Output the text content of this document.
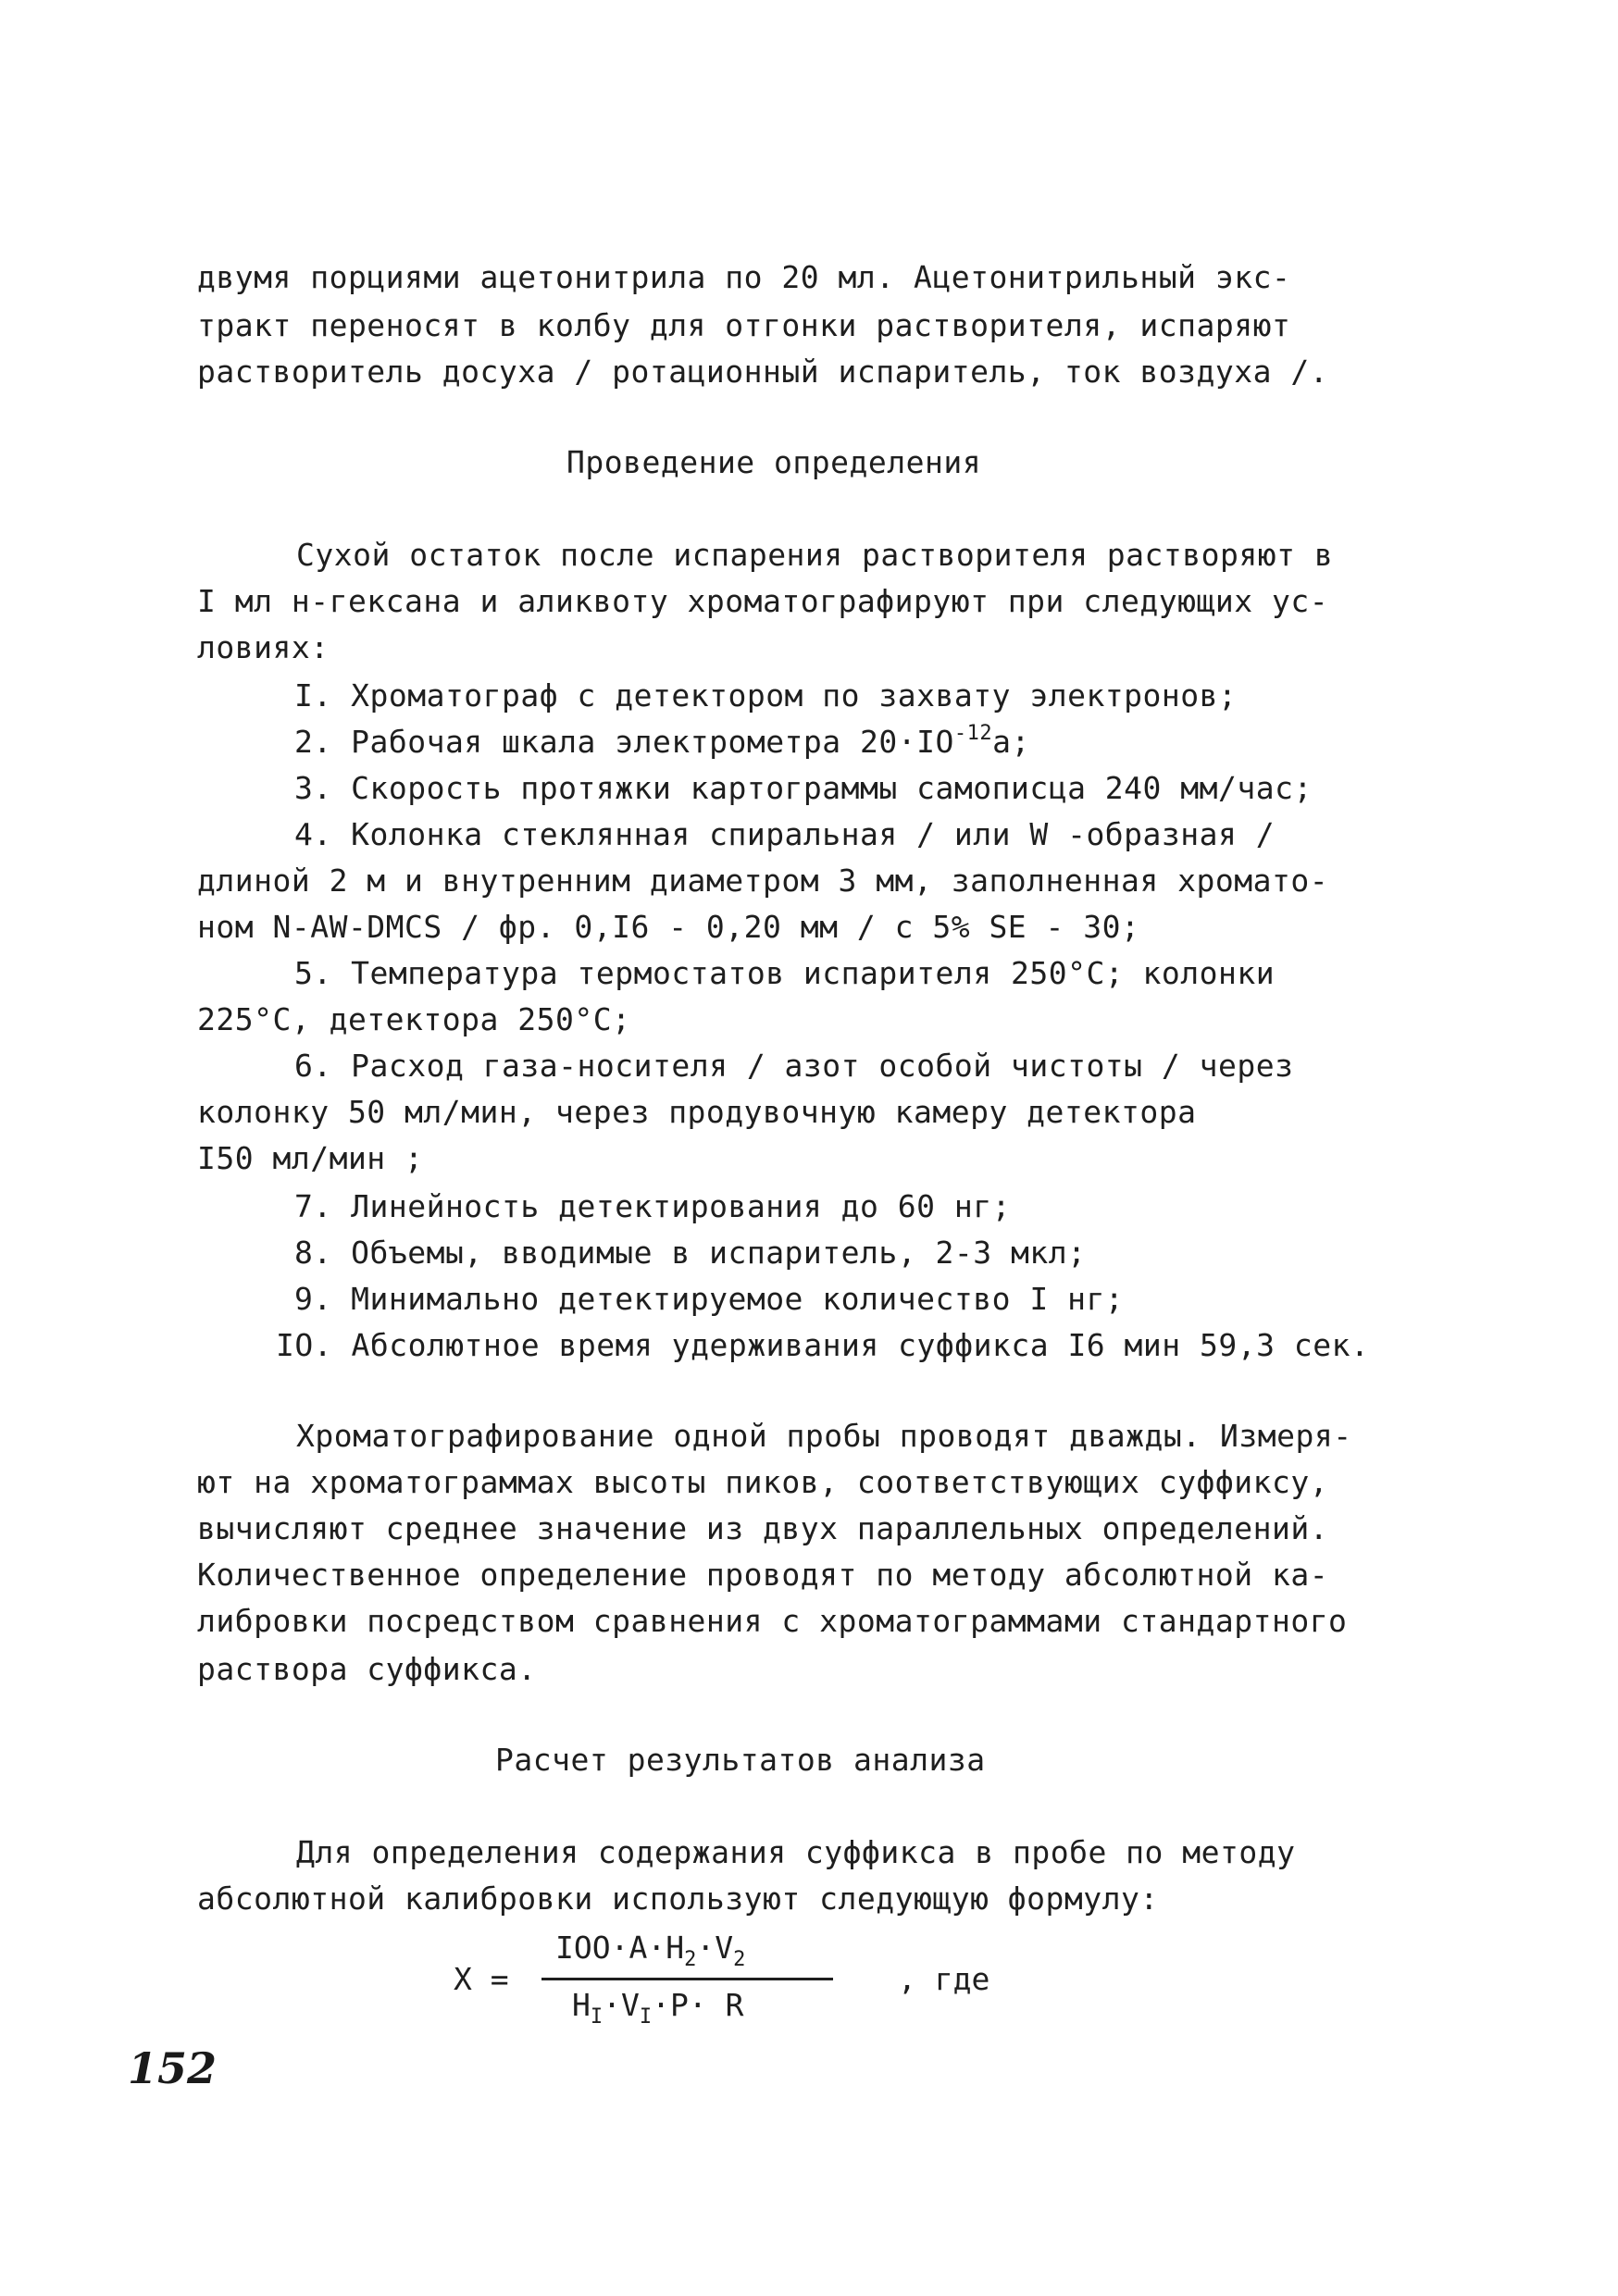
двумя порциями ацетонитрила по 20 мл. Ацетонитрильный экс-
тракт переносят в колбу для отгонки растворителя, испаряют
растворитель досуха / ротационный испаритель, ток воздуха /.
Проведение определения
Сухой остаток после испарения растворителя растворяют в
I мл н-гексана и аликвоту хроматографируют при следующих ус-
ловиях:
I. Хроматограф с детектором по захвату электронов;
2. Рабочая шкала электрометра $20\cdot IO^{-12}а$;
3. Скорость протяжки картограммы самописца 240 мм/час;
4. Колонка стеклянная спиральная / или W -образная /
длиной 2 м и внутренним диаметром 3 мм, заполненная хромато-
ном N-AW-DMCS / фр. 0,I6 - 0,20 мм / с 5% SE - 30;
5. Температура термостатов испарителя 250°С; колонки
225°С, детектора 250°С;
6. Расход газа-носителя / азот особой чистоты / через
колонку 50 мл/мин, через продувочную камеру детектора
I50 мл/мин ;
7. Линейность детектирования до 60 нг;
8. Объемы, вводимые в испаритель, 2-3 мкл;
9. Минимально детектируемое количество I нг;
IO. Абсолютное время удерживания суффикса I6 мин 59,3 сек.
Хроматографирование одной пробы проводят дважды. Измеря-
ют на хроматограммах высоты пиков, соответствующих суффиксу,
вычисляют среднее значение из двух параллельных определений.
Количественное определение проводят по методу абсолютной ка-
либровки посредством сравнения с хроматограммами стандартного
раствора суффикса.
Расчет результатов анализа
Для определения содержания суффикса в пробе по методу
абсолютной калибровки используют следующую формулу:
X =
$IOO\cdot A\cdot H_2\cdot V_2$
$H_I\cdot V_I\cdot P\cdot R$
, где
152
